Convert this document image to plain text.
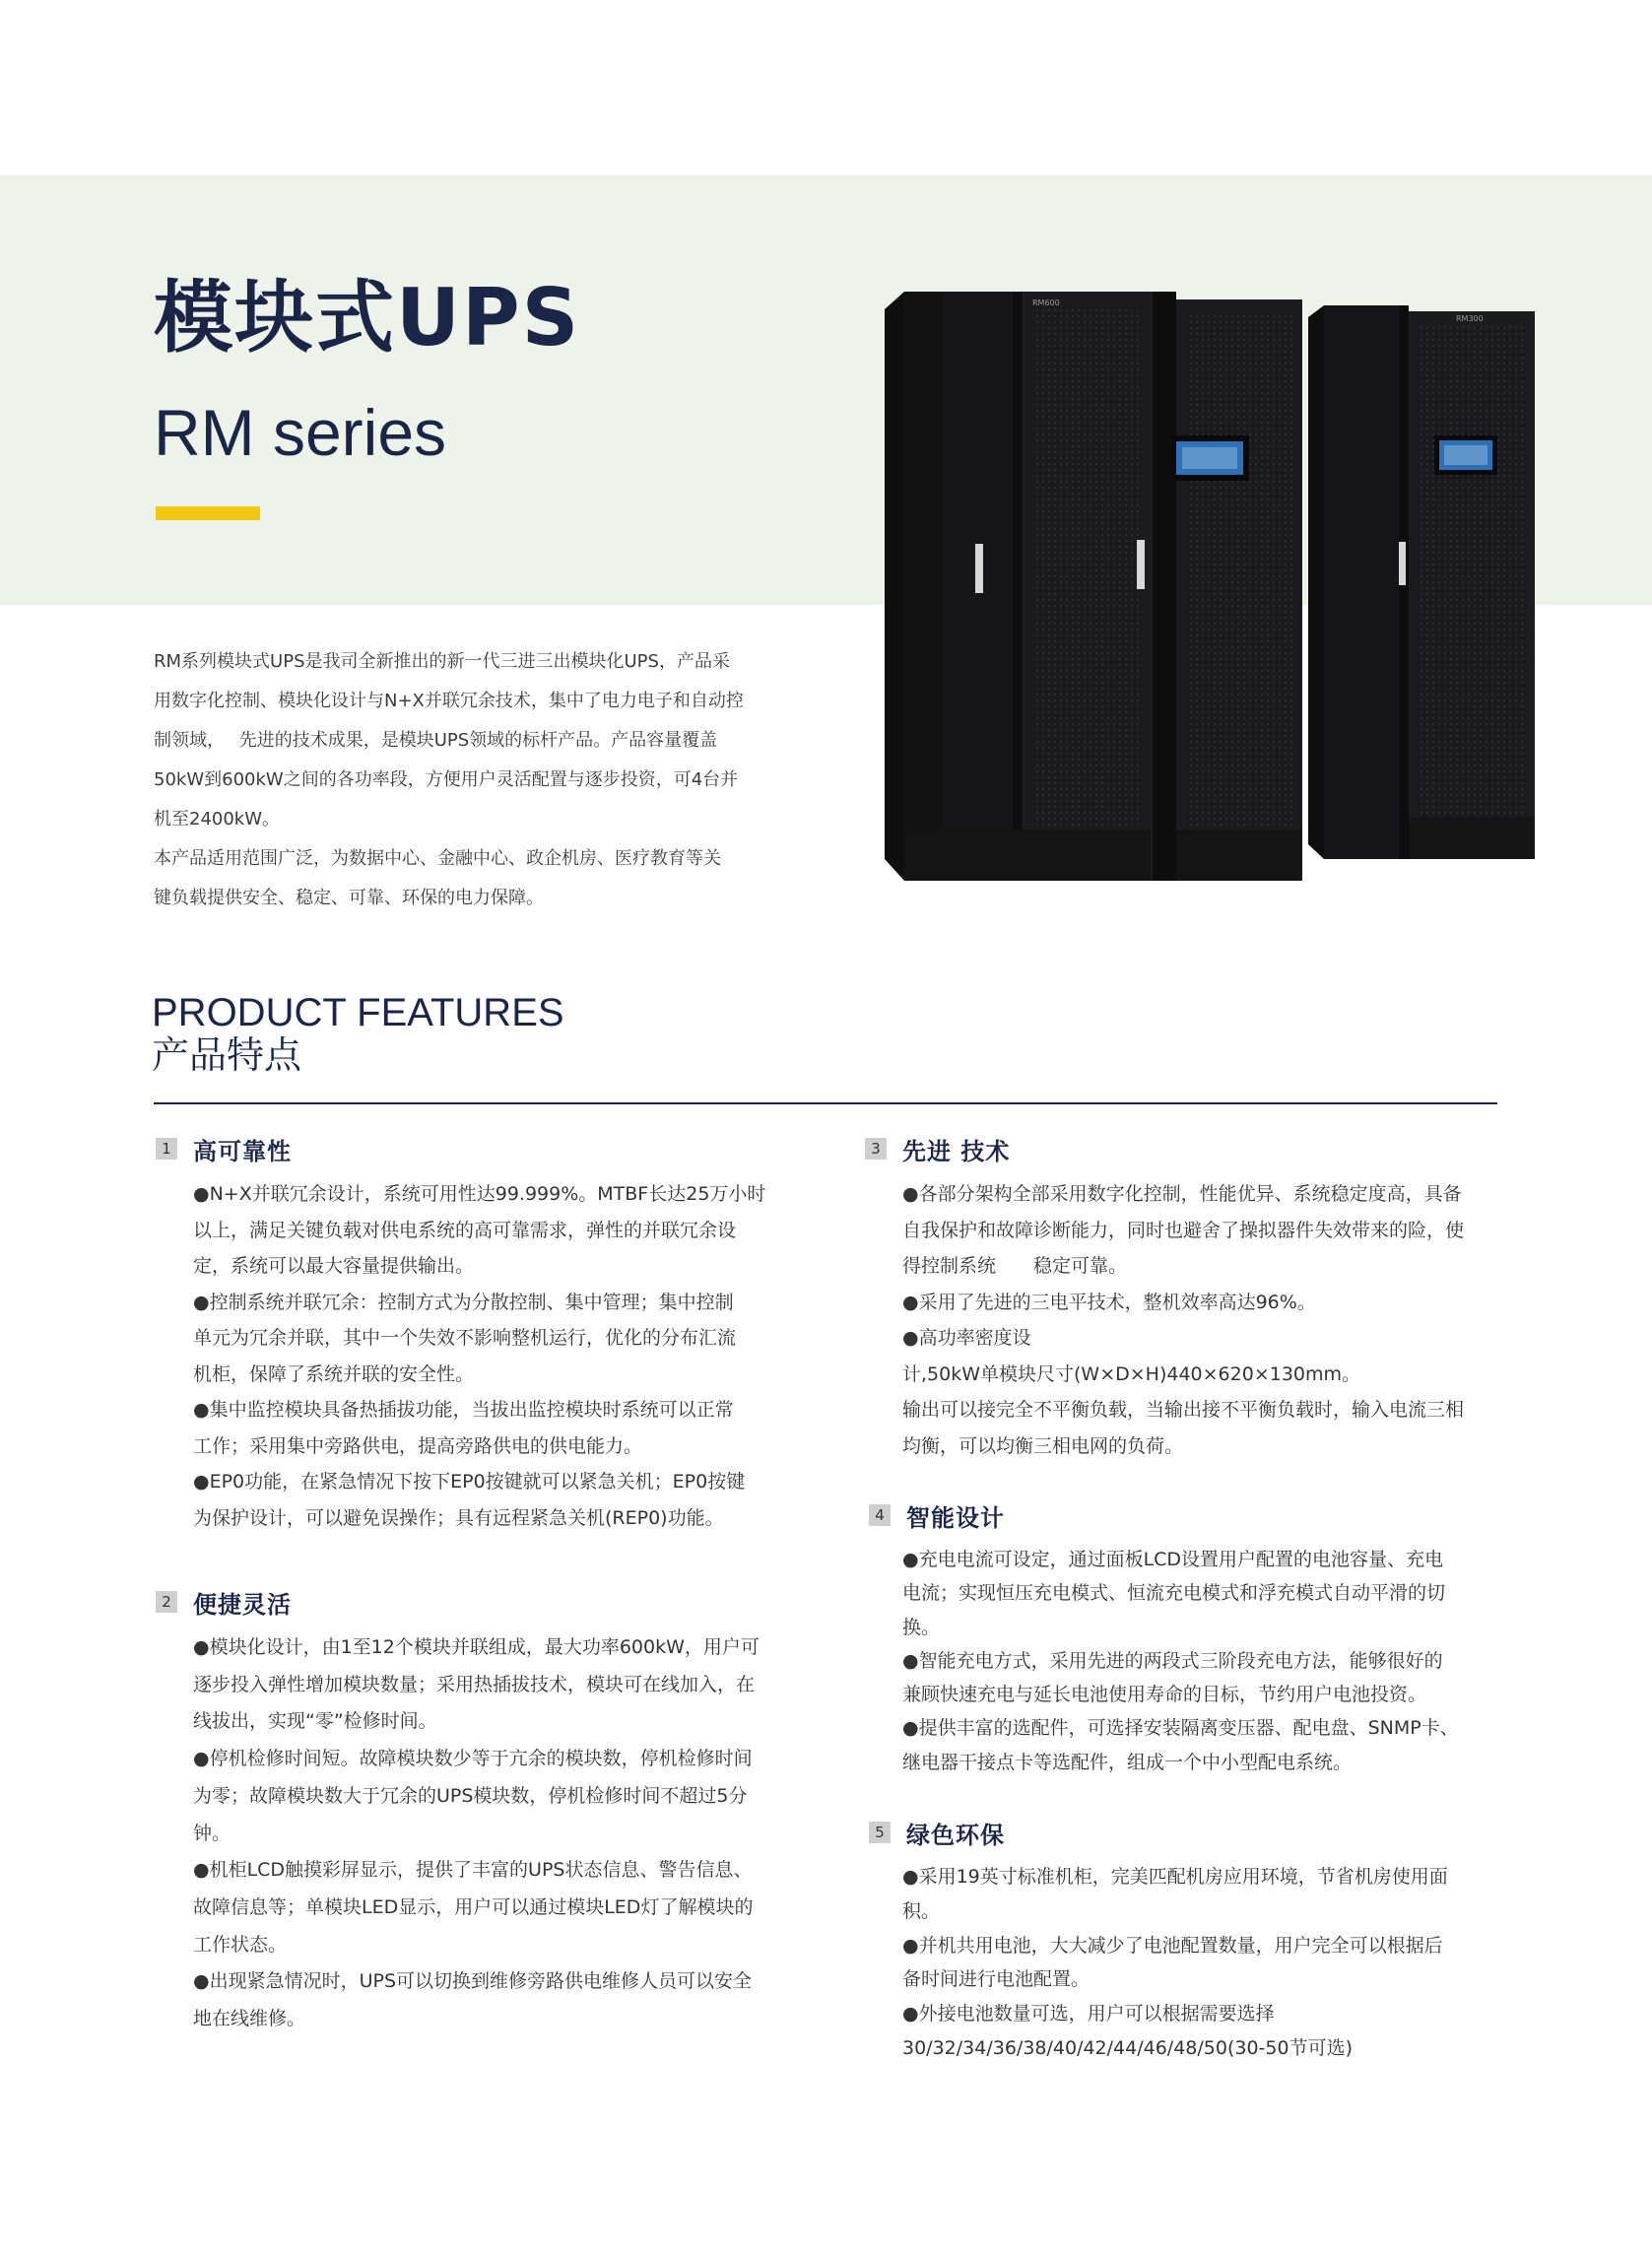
模块式UPS
RM series

RM系列模块式UPS是我司全新推出的新一代三进三出模块化UPS，产品采

用数字化控制、模块化设计与N+X并联冗余技术，集中了电力电子和自动控

制领域，　 先进的技术成果，是模块UPS领域的标杆产品。产品容量覆盖

50kW到600kW之间的各功率段，方便用户灵活配置与逐步投资，可4台并

机至2400kW。

本产品适用范围广泛，为数据中心、金融中心、政企机房、医疗教育等关

键负载提供安全、稳定、可靠、环保的电力保障。

RM600
RM300
PRODUCT FEATURES
产品特点
1 高可靠性

●N+X并联冗余设计，系统可用性达99.999%。MTBF长达25万小时

以上，满足关键负载对供电系统的高可靠需求，弹性的并联冗余设

定，系统可以最大容量提供输出。

●控制系统并联冗余：控制方式为分散控制、集中管理；集中控制

单元为冗余并联，其中一个失效不影响整机运行，优化的分布汇流

机柜，保障了系统并联的安全性。

●集中监控模块具备热插拔功能，当拔出监控模块时系统可以正常

工作；采用集中旁路供电，提高旁路供电的供电能力。

●EP0功能，在紧急情况下按下EP0按键就可以紧急关机；EP0按键

为保护设计，可以避免误操作；具有远程紧急关机(REP0)功能。

2 便捷灵活

●模块化设计，由1至12个模块并联组成，最大功率600kW，用户可

逐步投入弹性增加模块数量；采用热插拔技术，模块可在线加入，在

线拔出，实现“零”检修时间。

●停机检修时间短。故障模块数少等于亢余的模块数，停机检修时间

为零；故障模块数大于冗余的UPS模块数，停机检修时间不超过5分

钟。

●机柜LCD触摸彩屏显示，提供了丰富的UPS状态信息、警告信息、

故障信息等；单模块LED显示，用户可以通过模块LED灯了解模块的

工作状态。

●出现紧急情况时，UPS可以切换到维修旁路供电维修人员可以安全

地在线维修。

3 先进 技术

●各部分架构全部采用数字化控制，性能优异、系统稳定度高，具备

自我保护和故障诊断能力，同时也避舍了操拟器件失效带来的险，使

得控制系统　　稳定可靠。

●采用了先进的三电平技术，整机效率高达96%。

●高功率密度设

计,50kW单模块尺寸(W×D×H)440×620×130mm。

输出可以接完全不平衡负载，当输出接不平衡负载时，输入电流三相

均衡，可以均衡三相电网的负荷。

4 智能设计

●充电电流可设定，通过面板LCD设置用户配置的电池容量、充电

电流；实现恒压充电模式、恒流充电模式和浮充模式自动平滑的切

换。

●智能充电方式，采用先进的两段式三阶段充电方法，能够很好的

兼顾快速充电与延长电池使用寿命的目标，节约用户电池投资。

●提供丰富的选配件，可选择安装隔离变压器、配电盘、SNMP卡、

继电器干接点卡等选配件，组成一个中小型配电系统。

5 绿色环保

●采用19英寸标准机柜，完美匹配机房应用环境，节省机房使用面

积。

●并机共用电池，大大减少了电池配置数量，用户完全可以根据后

备时间进行电池配置。

●外接电池数量可选，用户可以根据需要选择

30/32/34/36/38/40/42/44/46/48/50(30-50节可选)
